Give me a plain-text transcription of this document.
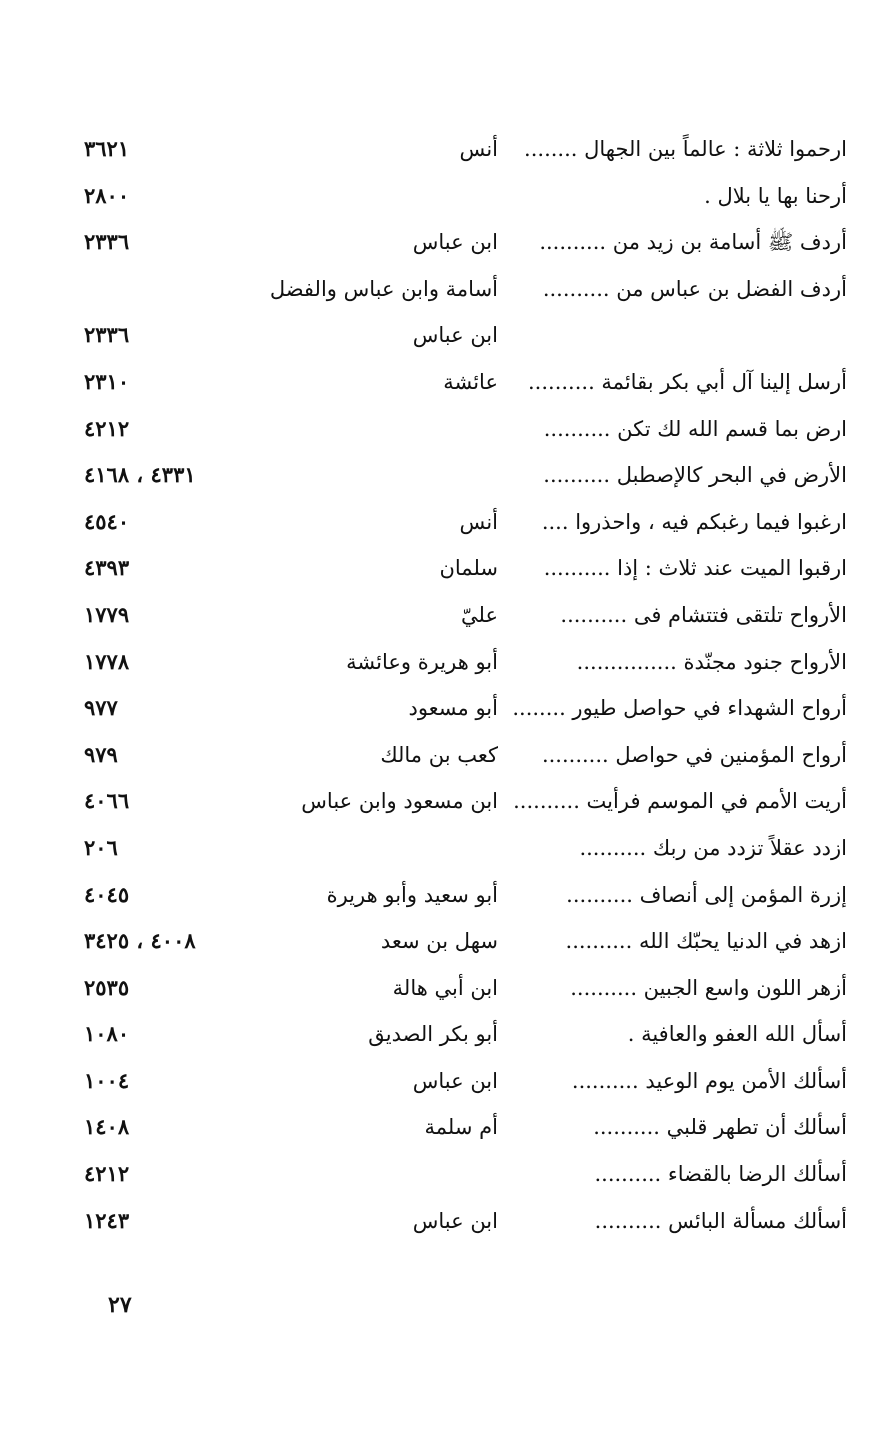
ارحموا ثلاثة : عالماً بين الجهال ........
أنس
٣٦٢١
أرحنا بها يا بلال .
٢٨٠٠
أردف ﷺ أسامة بن زيد من ..........
ابن عباس
٢٣٣٦
أردف الفضل بن عباس من ..........
أسامة وابن عباس والفضل
ابن عباس
٢٣٣٦
أرسل إلينا آل أبي بكر بقائمة ..........
عائشة
٢٣١٠
ارض بما قسم الله لك تكن ..........
٤٢١٢
الأرض في البحر كالإصطبل ..........
٤٣٣١ ، ٤١٦٨
ارغبوا فيما رغبكم فيه ، واحذروا ....
أنس
٤٥٤٠
ارقبوا الميت عند ثلاث : إذا ..........
سلمان
٤٣٩٣
الأرواح تلتقى فتتشام فى ..........
عليّ
١٧٧٩
الأرواح جنود مجنّدة ...............
أبو هريرة وعائشة
١٧٧٨
أرواح الشهداء في حواصل طيور ........
أبو مسعود
٩٧٧
أرواح المؤمنين في حواصل ..........
كعب بن مالك
٩٧٩
أريت الأمم في الموسم فرأيت ..........
ابن مسعود وابن عباس
٤٠٦٦
ازدد عقلاً تزدد من ربك ..........
٢٠٦
إزرة المؤمن إلى أنصاف ..........
أبو سعيد وأبو هريرة
٤٠٤٥
ازهد في الدنيا يحبّك الله ..........
سهل بن سعد
٤٠٠٨ ، ٣٤٢٥
أزهر اللون واسع الجبين ..........
ابن أبي هالة
٢٥٣٥
أسأل الله العفو والعافية .
أبو بكر الصديق
١٠٨٠
أسألك الأمن يوم الوعيد ..........
ابن عباس
١٠٠٤
أسألك أن تطهر قلبي ..........
أم سلمة
١٤٠٨
أسألك الرضا بالقضاء ..........
٤٢١٢
أسألك مسألة البائس ..........
ابن عباس
١٢٤٣
٢٧
